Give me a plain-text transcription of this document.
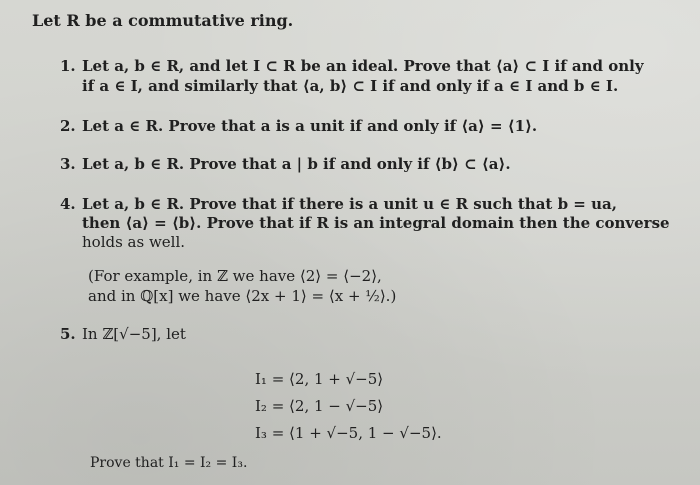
Let R be a commutative ring.
1. Let a, b ∈ R, and let I ⊂ R be an ideal. Prove that ⟨a⟩ ⊂ I if and only
if a ∈ I, and similarly that ⟨a, b⟩ ⊂ I if and only if a ∈ I and b ∈ I.
2. Let a ∈ R. Prove that a is a unit if and only if ⟨a⟩ = ⟨1⟩.
3. Let a, b ∈ R. Prove that a | b if and only if ⟨b⟩ ⊂ ⟨a⟩.
4. Let a, b ∈ R. Prove that if there is a unit u ∈ R such that b = ua,
then ⟨a⟩ = ⟨b⟩. Prove that if R is an integral domain then the converse
holds as well.
(For example, in ℤ we have ⟨2⟩ = ⟨−2⟩,
and in ℚ[x] we have ⟨2x + 1⟩ = ⟨x + ½⟩.)
5. In ℤ[√−5], let
I₁ = ⟨2, 1 + √−5⟩
I₂ = ⟨2, 1 − √−5⟩
I₃ = ⟨1 + √−5, 1 − √−5⟩.
Prove that I₁ = I₂ = I₃.
